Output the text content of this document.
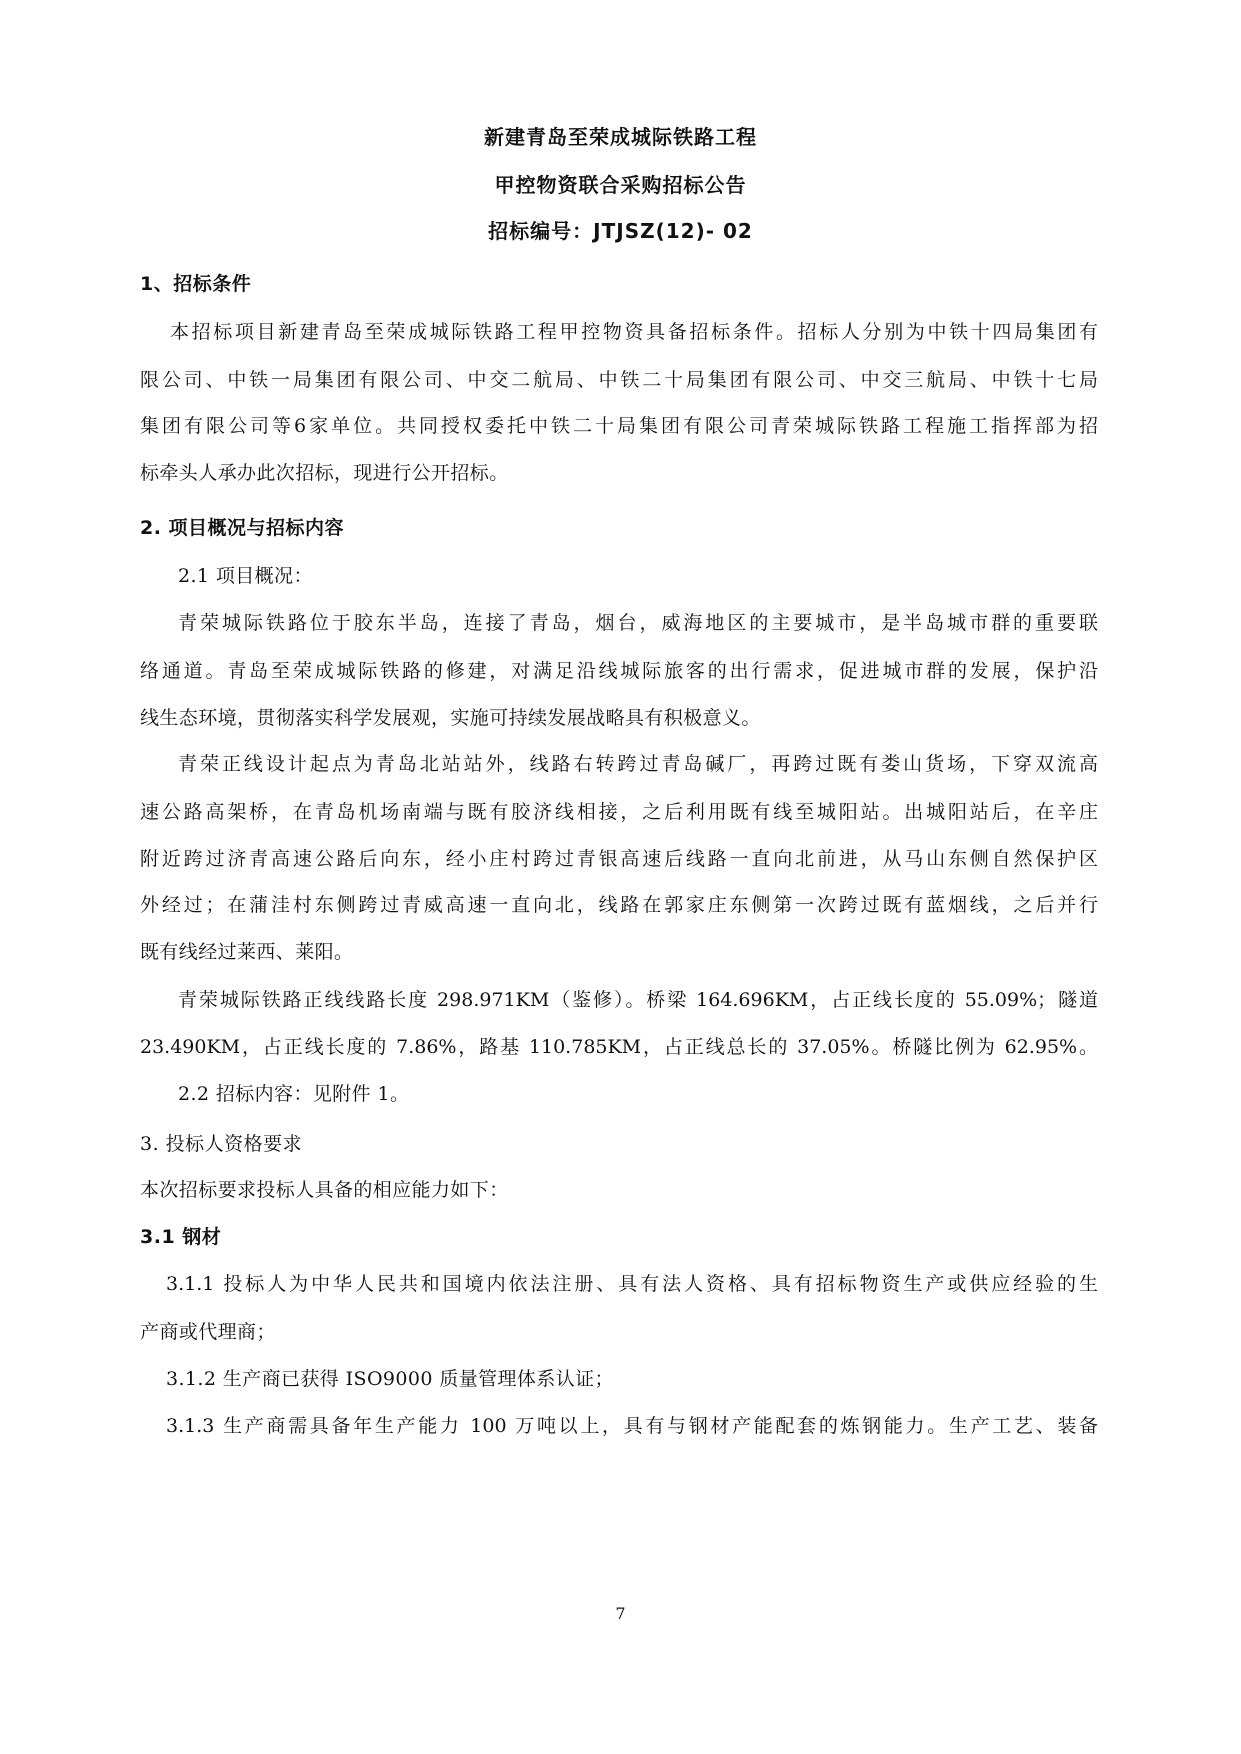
新建青岛至荣成城际铁路工程
甲控物资联合采购招标公告
招标编号：JTJSZ(12)- 02
1、招标条件
本招标项目新建青岛至荣成城际铁路工程甲控物资具备招标条件。招标人分别为中铁十四局集团有
限公司、中铁一局集团有限公司、中交二航局、中铁二十局集团有限公司、中交三航局、中铁十七局
集团有限公司等6家单位。共同授权委托中铁二十局集团有限公司青荣城际铁路工程施工指挥部为招
标牵头人承办此次招标，现进行公开招标。
2. 项目概况与招标内容
2.1 项目概况：
青荣城际铁路位于胶东半岛，连接了青岛，烟台，威海地区的主要城市，是半岛城市群的重要联
络通道。青岛至荣成城际铁路的修建，对满足沿线城际旅客的出行需求，促进城市群的发展，保护沿
线生态环境，贯彻落实科学发展观，实施可持续发展战略具有积极意义。
青荣正线设计起点为青岛北站站外，线路右转跨过青岛碱厂，再跨过既有娄山货场，下穿双流高
速公路高架桥，在青岛机场南端与既有胶济线相接，之后利用既有线至城阳站。出城阳站后，在辛庄
附近跨过济青高速公路后向东，经小庄村跨过青银高速后线路一直向北前进，从马山东侧自然保护区
外经过；在蒲洼村东侧跨过青威高速一直向北，线路在郭家庄东侧第一次跨过既有蓝烟线，之后并行
既有线经过莱西、莱阳。
青荣城际铁路正线线路长度 298.971KM（鉴修）。桥梁 164.696KM，占正线长度的 55.09%；隧道
23.490KM，占正线长度的 7.86%，路基 110.785KM，占正线总长的 37.05%。桥隧比例为 62.95%。
2.2 招标内容：见附件 1。
3. 投标人资格要求
本次招标要求投标人具备的相应能力如下：
3.1 钢材
3.1.1 投标人为中华人民共和国境内依法注册、具有法人资格、具有招标物资生产或供应经验的生
产商或代理商；
3.1.2 生产商已获得 ISO9000 质量管理体系认证；
3.1.3 生产商需具备年生产能力 100 万吨以上，具有与钢材产能配套的炼钢能力。生产工艺、装备
7
